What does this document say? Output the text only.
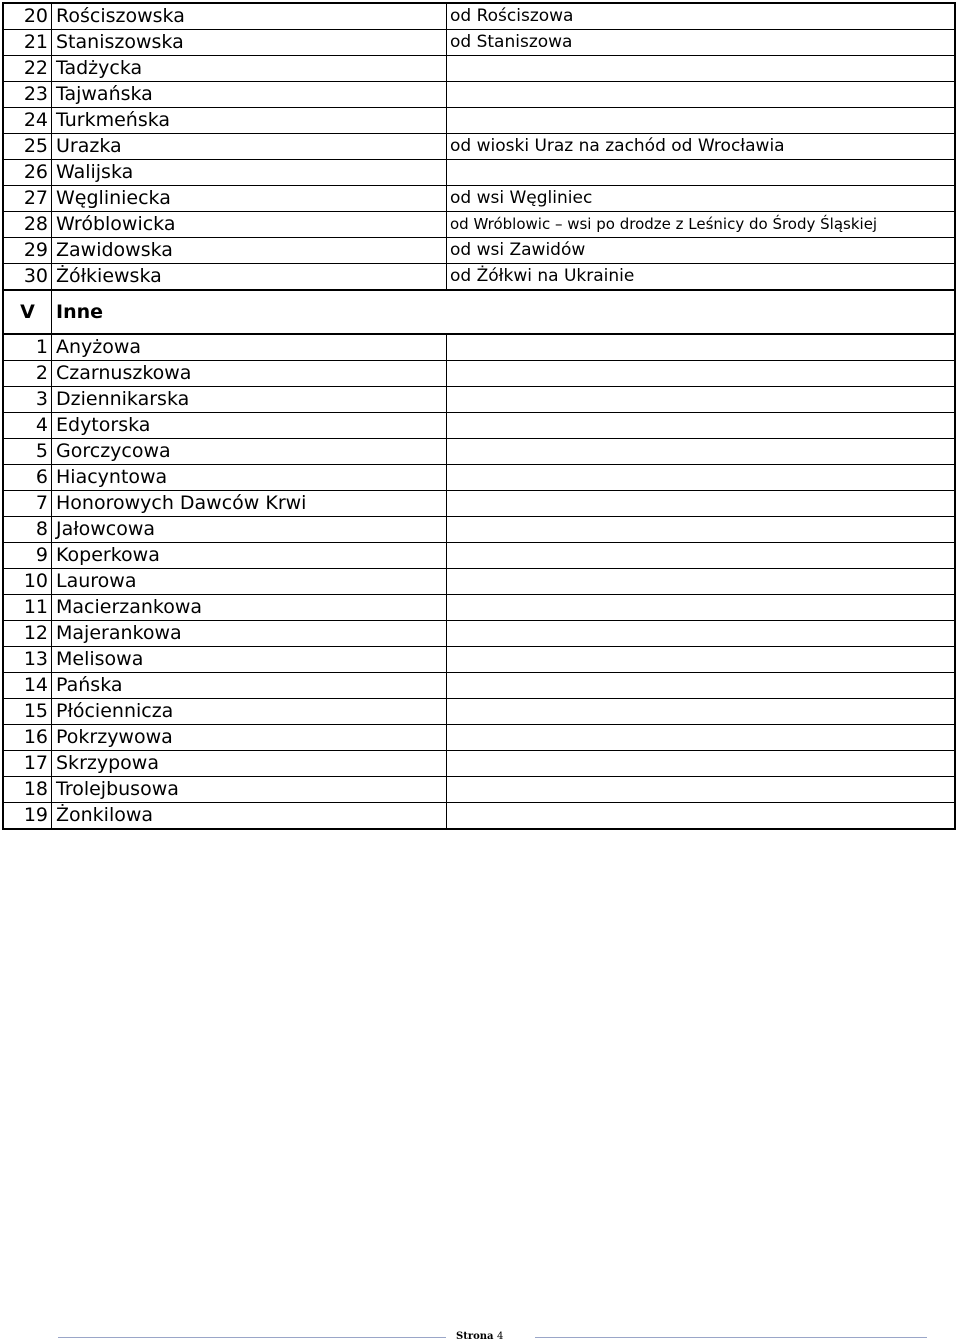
20	Rościszowska	od Rościszowa
21	Staniszowska	od Staniszowa
22	Tadżycka	
23	Tajwańska	
24	Turkmeńska	
25	Urazka	od wioski Uraz na zachód od Wrocławia
26	Walijska	
27	Węgliniecka	od wsi Węgliniec
28	Wróblowicka	od Wróblowic – wsi po drodze z Leśnicy do Środy Śląskiej
29	Zawidowska	od wsi Zawidów
30	Żółkiewska	od Żółkwi na Ukrainie
V	Inne	
1	Anyżowa	
2	Czarnuszkowa	
3	Dziennikarska	
4	Edytorska	
5	Gorczycowa	
6	Hiacyntowa	
7	Honorowych Dawców Krwi	
8	Jałowcowa	
9	Koperkowa	
10	Laurowa	
11	Macierzankowa	
12	Majerankowa	
13	Melisowa	
14	Pańska	
15	Płóciennicza	
16	Pokrzywowa	
17	Skrzypowa	
18	Trolejbusowa	
19	Żonkilowa	
Strona 4
